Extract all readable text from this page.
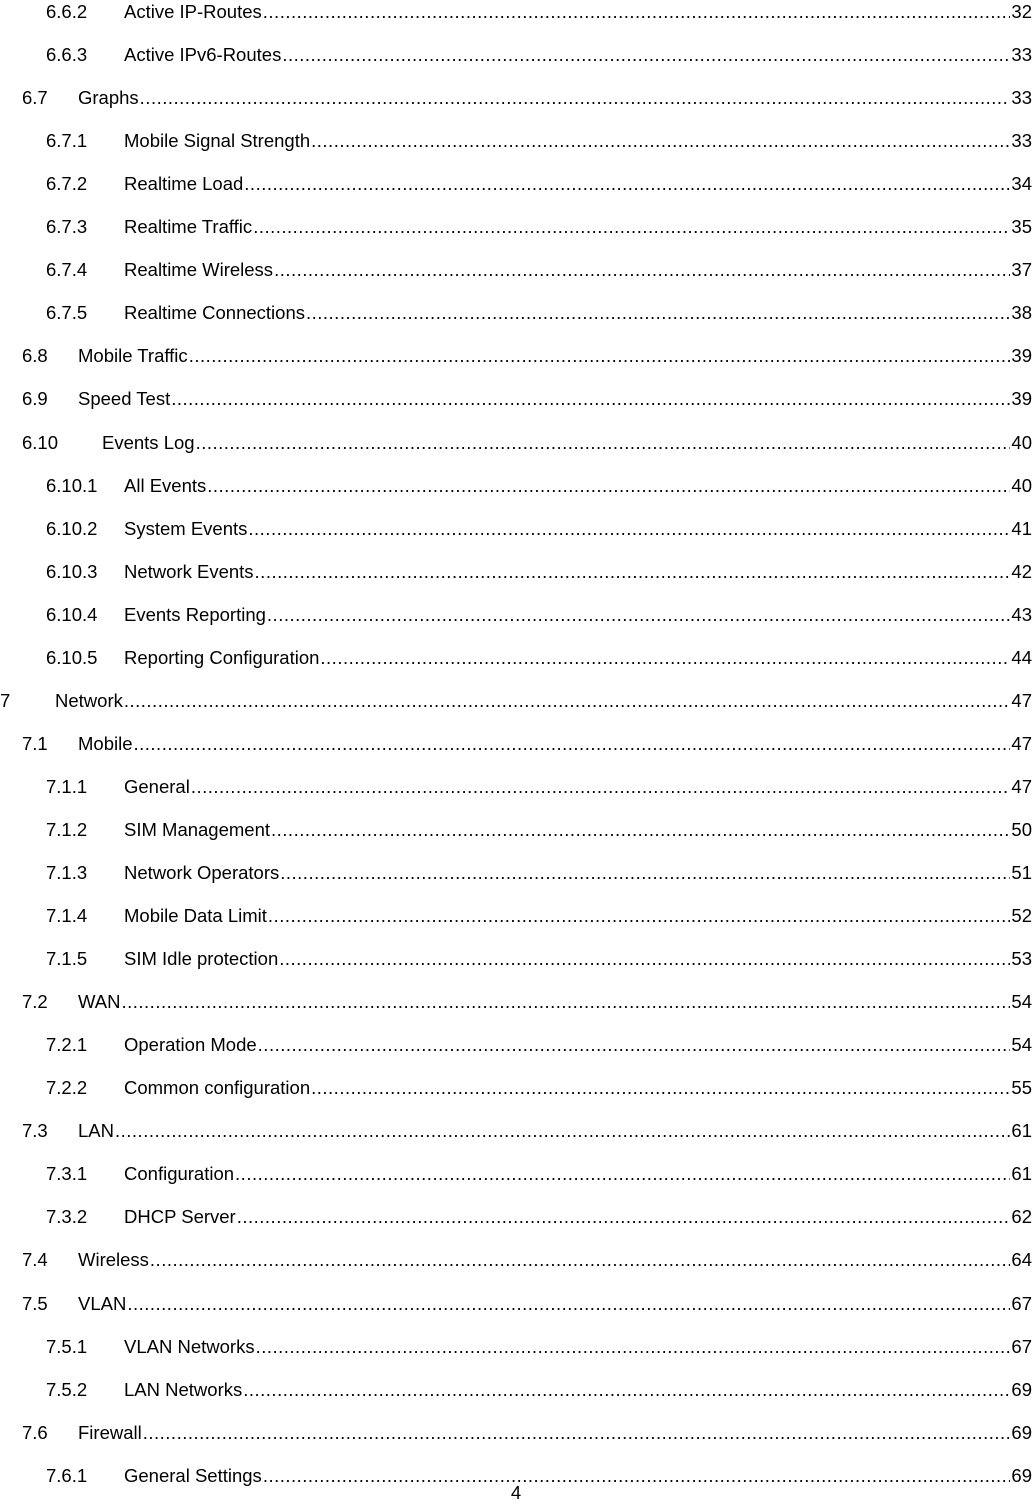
6.6.2	Active IP-Routes .....	32
6.6.3	Active IPv6-Routes .....	33
6.7	Graphs .....	33
6.7.1	Mobile Signal Strength .....	33
6.7.2	Realtime Load .....	34
6.7.3	Realtime Traffic .....	35
6.7.4	Realtime Wireless .....	37
6.7.5	Realtime Connections .....	38
6.8	Mobile Traffic .....	39
6.9	Speed Test .....	39
6.10	Events Log .....	40
6.10.1	All Events .....	40
6.10.2	System Events .....	41
6.10.3	Network Events .....	42
6.10.4	Events Reporting .....	43
6.10.5	Reporting Configuration .....	44
7	Network .....	47
7.1	Mobile .....	47
7.1.1	General .....	47
7.1.2	SIM Management .....	50
7.1.3	Network Operators .....	51
7.1.4	Mobile Data Limit .....	52
7.1.5	SIM Idle protection .....	53
7.2	WAN .....	54
7.2.1	Operation Mode .....	54
7.2.2	Common configuration .....	55
7.3	LAN .....	61
7.3.1	Configuration .....	61
7.3.2	DHCP Server .....	62
7.4	Wireless .....	64
7.5	VLAN .....	67
7.5.1	VLAN Networks .....	67
7.5.2	LAN Networks .....	69
7.6	Firewall .....	69
7.6.1	General Settings .....	69
4
